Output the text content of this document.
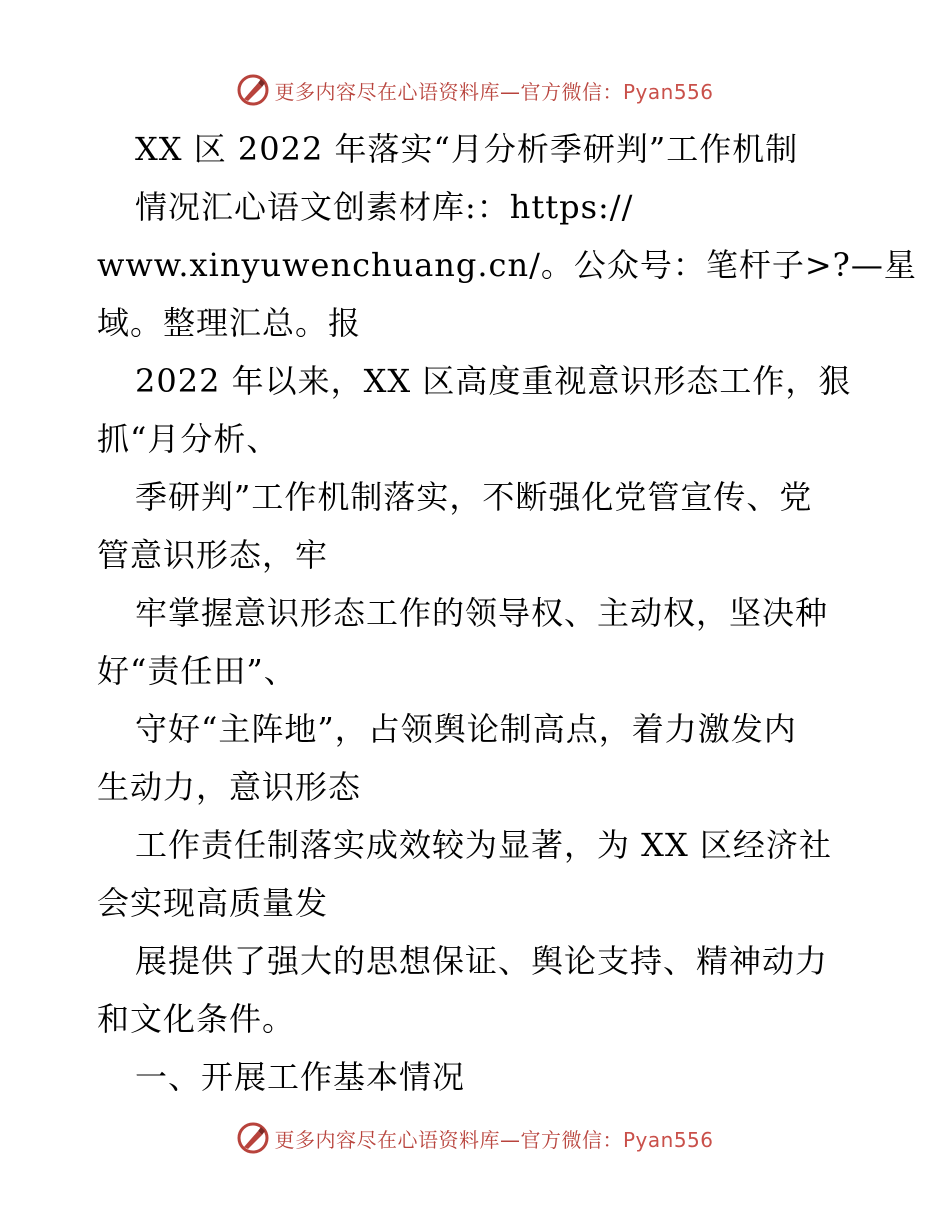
更多内容尽在心语资料库—官方微信：Pyan556

XX 区 2022 年落实“月分析季研判”工作机制

情况汇心语文创素材库:：https://

www.xinyuwenchuang.cn/。公众号：笔杆子>?—星

域。整理汇总。报

2022 年以来，XX 区高度重视意识形态工作，狠

抓“月分析、

季研判”工作机制落实，不断强化党管宣传、党

管意识形态，牢

牢掌握意识形态工作的领导权、主动权，坚决种

好“责任田”、

守好“主阵地”，占领舆论制高点，着力激发内

生动力，意识形态

工作责任制落实成效较为显著，为 XX 区经济社

会实现高质量发

展提供了强大的思想保证、舆论支持、精神动力

和文化条件。

一、开展工作基本情况

更多内容尽在心语资料库—官方微信：Pyan556
